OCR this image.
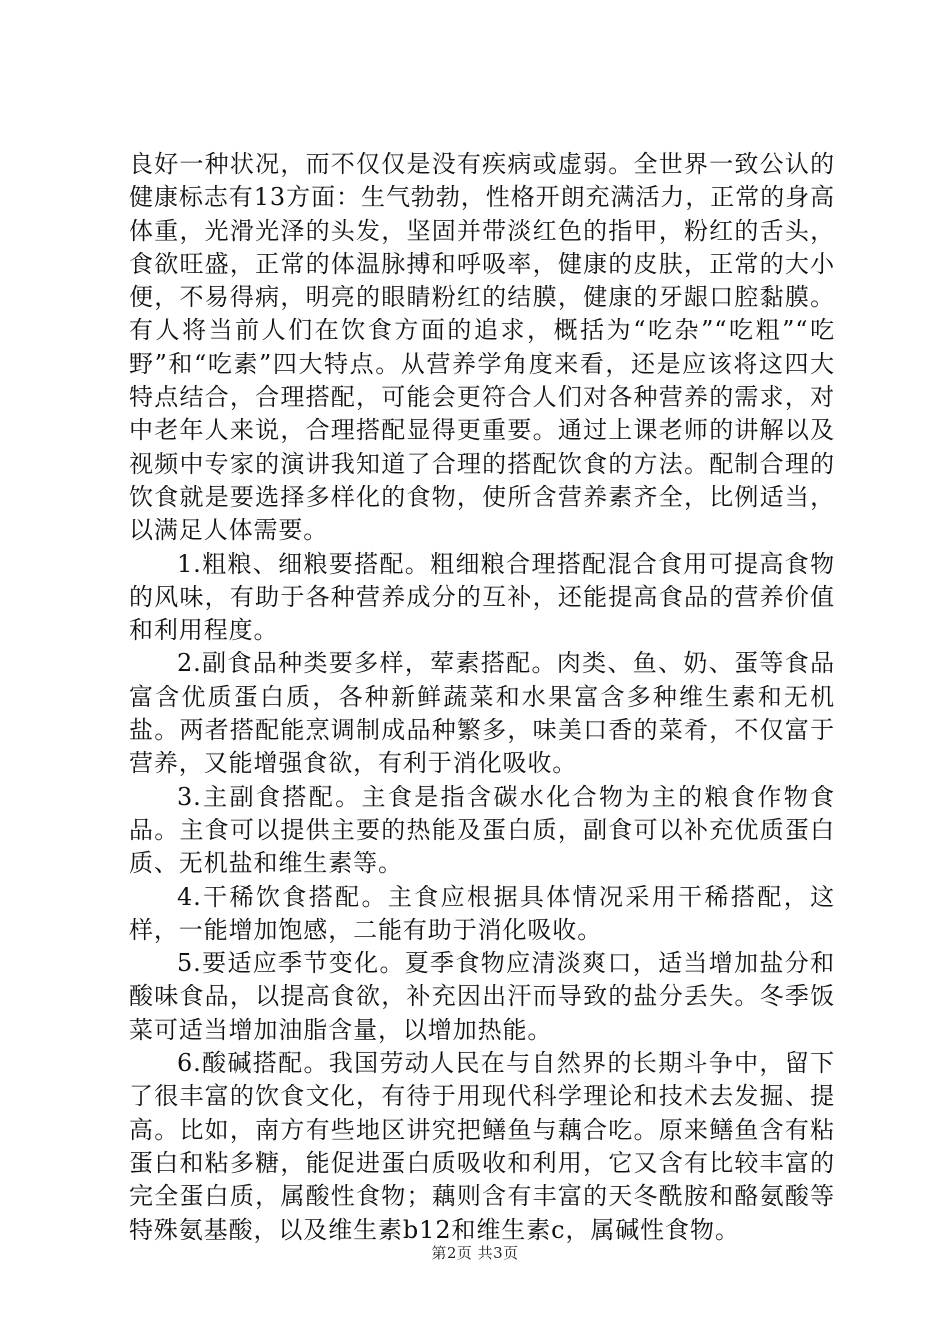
良好一种状况，而不仅仅是没有疾病或虚弱。全世界一致公认的健康标志有13方面：生气勃勃，性格开朗充满活力，正常的身高体重，光滑光泽的头发，坚固并带淡红色的指甲，粉红的舌头，食欲旺盛，正常的体温脉搏和呼吸率，健康的皮肤，正常的大小便，不易得病，明亮的眼睛粉红的结膜，健康的牙龈口腔黏膜。有人将当前人们在饮食方面的追求，概括为“吃杂”“吃粗”“吃野”和“吃素”四大特点。从营养学角度来看，还是应该将这四大特点结合，合理搭配，可能会更符合人们对各种营养的需求，对中老年人来说，合理搭配显得更重要。通过上课老师的讲解以及视频中专家的演讲我知道了合理的搭配饮食的方法。配制合理的饮食就是要选择多样化的食物，使所含营养素齐全，比例适当，以满足人体需要。

1.粗粮、细粮要搭配。粗细粮合理搭配混合食用可提高食物的风味，有助于各种营养成分的互补，还能提高食品的营养价值和利用程度。

2.副食品种类要多样，荤素搭配。肉类、鱼、奶、蛋等食品富含优质蛋白质，各种新鲜蔬菜和水果富含多种维生素和无机盐。两者搭配能烹调制成品种繁多，味美口香的菜肴，不仅富于营养，又能增强食欲，有利于消化吸收。

3.主副食搭配。主食是指含碳水化合物为主的粮食作物食品。主食可以提供主要的热能及蛋白质，副食可以补充优质蛋白质、无机盐和维生素等。

4.干稀饮食搭配。主食应根据具体情况采用干稀搭配，这样，一能增加饱感，二能有助于消化吸收。

5.要适应季节变化。夏季食物应清淡爽口，适当增加盐分和酸味食品，以提高食欲，补充因出汗而导致的盐分丢失。冬季饭菜可适当增加油脂含量，以增加热能。

6.酸碱搭配。我国劳动人民在与自然界的长期斗争中，留下了很丰富的饮食文化，有待于用现代科学理论和技术去发掘、提高。比如，南方有些地区讲究把鳝鱼与藕合吃。原来鳝鱼含有粘蛋白和粘多糖，能促进蛋白质吸收和利用，它又含有比较丰富的完全蛋白质，属酸性食物；藕则含有丰富的天冬酰胺和酪氨酸等特殊氨基酸，以及维生素b12和维生素c，属碱性食物。

第2页 共3页
